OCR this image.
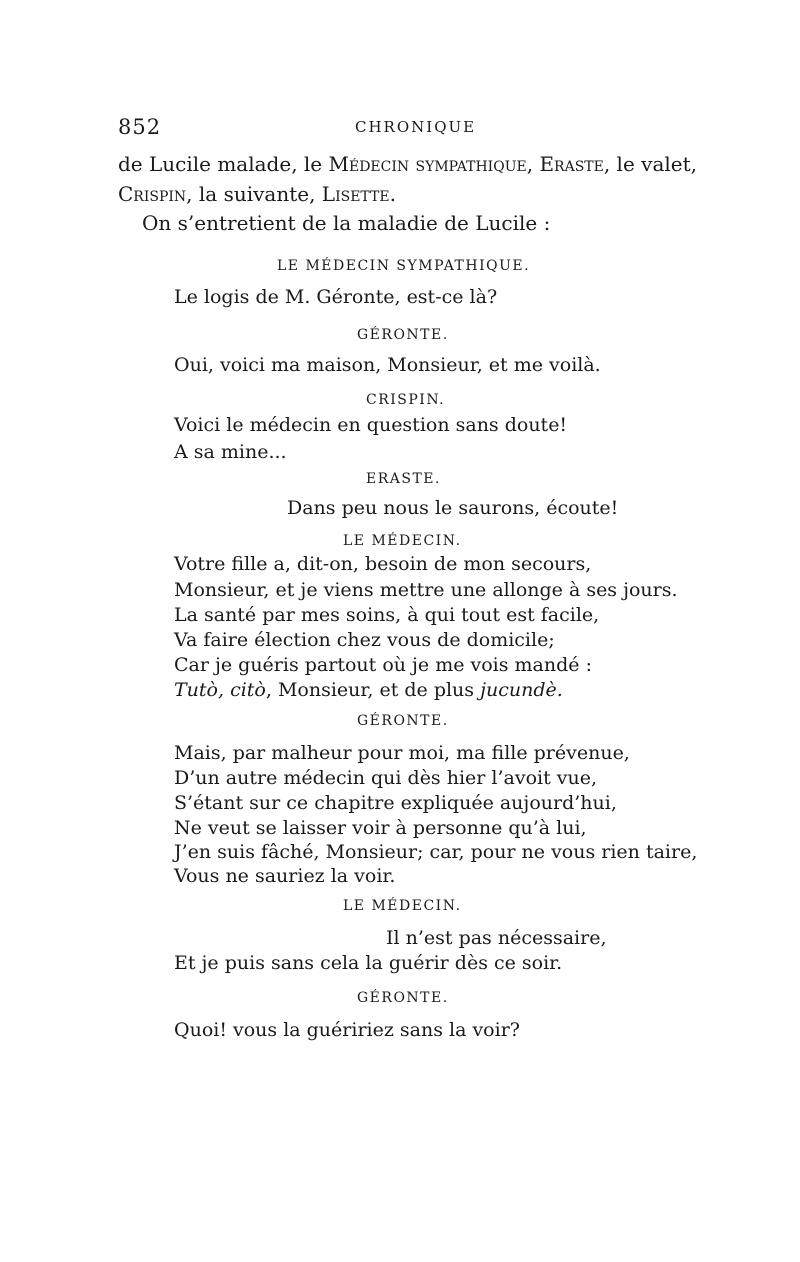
852	CHRONIQUE
de Lucile malade, le Médecin sympathique, Eraste, le valet,
Crispin, la suivante, Lisette.
On s’entretient de la maladie de Lucile :
LE MÉDECIN SYMPATHIQUE.
Le logis de M. Géronte, est-ce là?
GÉRONTE.
Oui, voici ma maison, Monsieur, et me voilà.
CRISPIN.
Voici le médecin en question sans doute!
A sa mine...
ERASTE.
Dans peu nous le saurons, écoute!
LE MÉDECIN.
Votre fille a, dit-on, besoin de mon secours,
Monsieur, et je viens mettre une allonge à ses jours.
La santé par mes soins, à qui tout est facile,
Va faire élection chez vous de domicile;
Car je guéris partout où je me vois mandé :
Tutò, citò, Monsieur, et de plus jucundè.
GÉRONTE.
Mais, par malheur pour moi, ma fille prévenue,
D’un autre médecin qui dès hier l’avoit vue,
S’étant sur ce chapitre expliquée aujourd’hui,
Ne veut se laisser voir à personne qu’à lui,
J’en suis fâché, Monsieur; car, pour ne vous rien taire,
Vous ne sauriez la voir.
LE MÉDECIN.
Il n’est pas nécessaire,
Et je puis sans cela la guérir dès ce soir.
GÉRONTE.
Quoi! vous la guéririez sans la voir?
